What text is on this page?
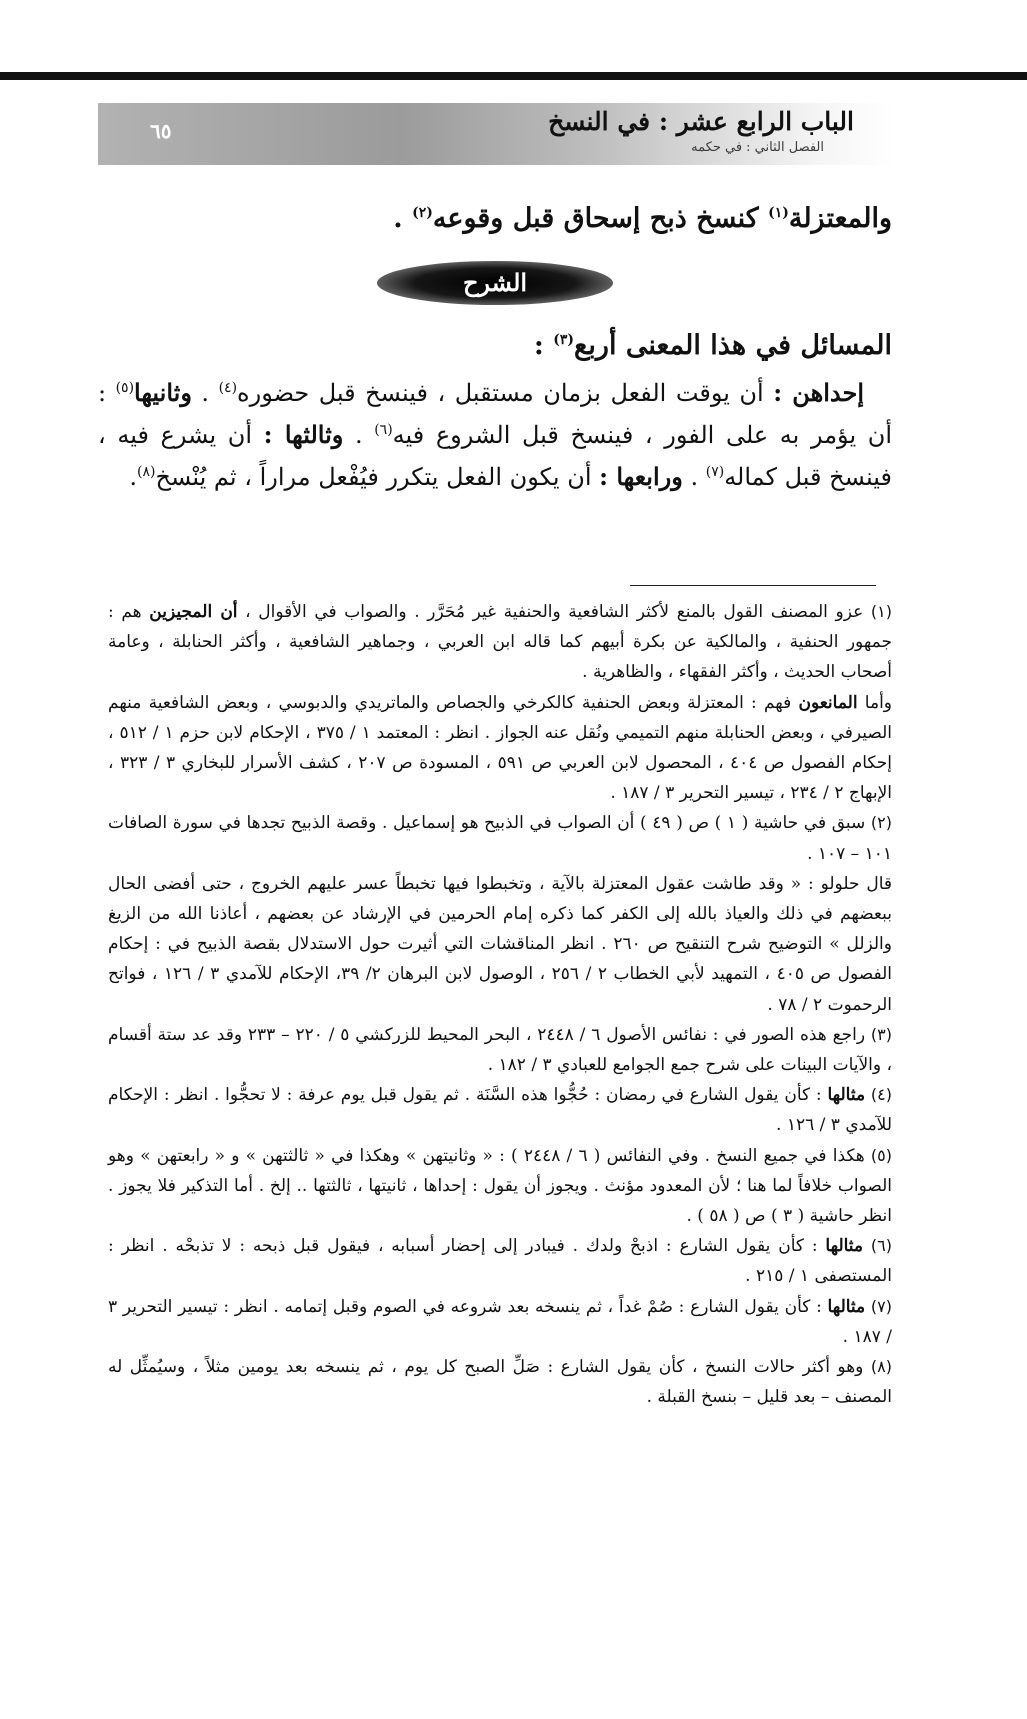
الباب الرابع عشر : في النسخ
الفصل الثاني : في حكمه
٦٥

والمعتزلة$^{(١)}$ كنسخ ذبح إسحاق قبل وقوعه$^{(٢)}$ .

الشرح

المسائل في هذا المعنى أربع$^{(٣)}$ :

إحداهن : أن يوقت الفعل بزمان مستقبل ، فينسخ قبل حضوره$^{(٤)}$ . وثانيها$^{(٥)}$ : أن يؤمر به على الفور ، فينسخ قبل الشروع فيه$^{(٦)}$ . وثالثها : أن يشرع فيه ، فينسخ قبل كماله$^{(٧)}$ . ورابعها : أن يكون الفعل يتكرر فيُفْعل مراراً ، ثم يُنْسخ$^{(٨)}$.

(١) عزو المصنف القول بالمنع لأكثر الشافعية والحنفية غير مُحَرَّر . والصواب في الأقوال ، أن المجيزين هم : جمهور الحنفية ، والمالكية عن بكرة أبيهم كما قاله ابن العربي ، وجماهير الشافعية ، وأكثر الحنابلة ، وعامة أصحاب الحديث ، وأكثر الفقهاء ، والظاهرية .

وأما المانعون فهم : المعتزلة وبعض الحنفية كالكرخي والجصاص والماتريدي والدبوسي ، وبعض الشافعية منهم الصيرفي ، وبعض الحنابلة منهم التميمي ونُقل عنه الجواز . انظر : المعتمد ١ / ٣٧٥ ، الإحكام لابن حزم ١ / ٥١٢ ، إحكام الفصول ص ٤٠٤ ، المحصول لابن العربي ص ٥٩١ ، المسودة ص ٢٠٧ ، كشف الأسرار للبخاري ٣ / ٣٢٣ ، الإبهاج ٢ / ٢٣٤ ، تيسير التحرير ٣ / ١٨٧ .

(٢) سبق في حاشية ( ١ ) ص ( ٤٩ ) أن الصواب في الذبيح هو إسماعيل . وقصة الذبيح تجدها في سورة الصافات ١٠١ – ١٠٧ .

قال حلولو : « وقد طاشت عقول المعتزلة بالآية ، وتخبطوا فيها تخبطاً عسر عليهم الخروج ، حتى أفضى الحال ببعضهم في ذلك والعياذ بالله إلى الكفر كما ذكره إمام الحرمين في الإرشاد عن بعضهم ، أعاذنا الله من الزيغ والزلل » التوضيح شرح التنقيح ص ٢٦٠ . انظر المناقشات التي أثيرت حول الاستدلال بقصة الذبيح في : إحكام الفصول ص ٤٠٥ ، التمهيد لأبي الخطاب ٢ / ٢٥٦ ، الوصول لابن البرهان ٢/ ٣٩، الإحكام للآمدي ٣ / ١٢٦ ، فواتح الرحموت ٢ / ٧٨ .

(٣) راجع هذه الصور في : نفائس الأصول ٦ / ٢٤٤٨ ، البحر المحيط للزركشي ٥ / ٢٢٠ – ٢٣٣ وقد عد ستة أقسام ، والآيات البينات على شرح جمع الجوامع للعبادي ٣ / ١٨٢ .

(٤) مثالها : كأن يقول الشارع في رمضان : حُجُّوا هذه السَّنَة . ثم يقول قبل يوم عرفة : لا تحجُّوا . انظر : الإحكام للآمدي ٣ / ١٢٦ .

(٥) هكذا في جميع النسخ . وفي النفائس ( ٦ / ٢٤٤٨ ) : « وثانيتهن » وهكذا في « ثالثتهن » و « رابعتهن » وهو الصواب خلافاً لما هنا ؛ لأن المعدود مؤنث . ويجوز أن يقول : إحداها ، ثانيتها ، ثالثتها .. إلخ . أما التذكير فلا يجوز . انظر حاشية ( ٣ ) ص ( ٥٨ ) .

(٦) مثالها : كأن يقول الشارع : اذبحْ ولدك . فيبادر إلى إحضار أسبابه ، فيقول قبل ذبحه : لا تذبحْه . انظر : المستصفى ١ / ٢١٥ .

(٧) مثالها : كأن يقول الشارع : صُمْ غداً ، ثم ينسخه بعد شروعه في الصوم وقبل إتمامه . انظر : تيسير التحرير ٣ / ١٨٧ .

(٨) وهو أكثر حالات النسخ ، كأن يقول الشارع : صَلِّ الصبح كل يوم ، ثم ينسخه بعد يومين مثلاً ، وسيُمثِّل له المصنف – بعد قليل – بنسخ القبلة .
